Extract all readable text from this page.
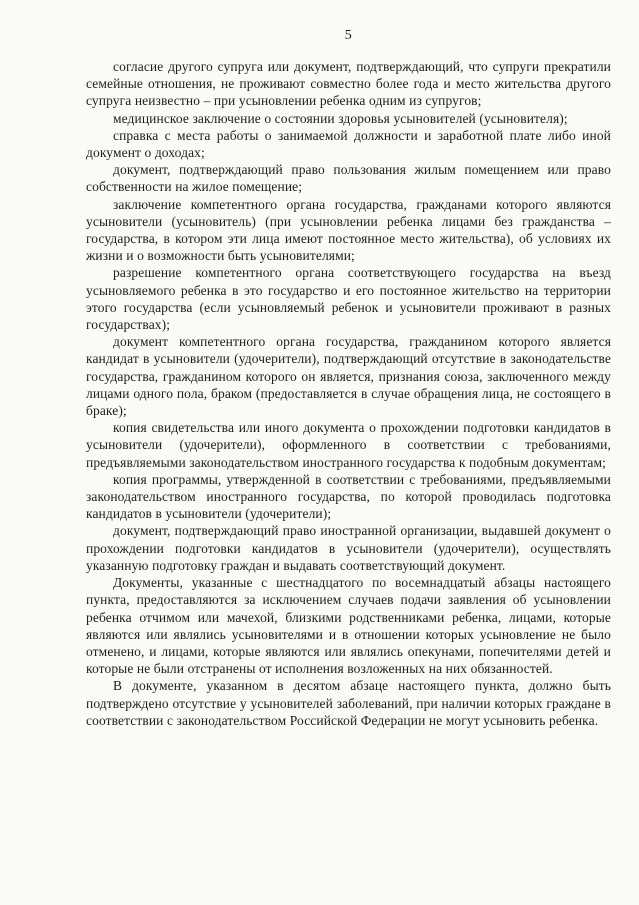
5

согласие другого супруга или документ, подтверждающий, что супруги прекратили семейные отношения, не проживают совместно более года и место жительства другого супруга неизвестно – при усыновлении ребенка одним из супругов;

медицинское заключение о состоянии здоровья усыновителей (усыновителя);

справка с места работы о занимаемой должности и заработной плате либо иной документ о доходах;

документ, подтверждающий право пользования жилым помещением или право собственности на жилое помещение;

заключение компетентного органа государства, гражданами которого являются усыновители (усыновитель) (при усыновлении ребенка лицами без гражданства – государства, в котором эти лица имеют постоянное место жительства), об условиях их жизни и о возможности быть усыновителями;

разрешение компетентного органа соответствующего государства на въезд усыновляемого ребенка в это государство и его постоянное жительство на территории этого государства (если усыновляемый ребенок и усыновители проживают в разных государствах);

документ компетентного органа государства, гражданином которого является кандидат в усыновители (удочерители), подтверждающий отсутствие в законодательстве государства, гражданином которого он является, признания союза, заключенного между лицами одного пола, браком (предоставляется в случае обращения лица, не состоящего в браке);

копия свидетельства или иного документа о прохождении подготовки кандидатов в усыновители (удочерители), оформленного в соответствии с требованиями, предъявляемыми законодательством иностранного государства к подобным документам;

копия программы, утвержденной в соответствии с требованиями, предъявляемыми законодательством иностранного государства, по которой проводилась подготовка кандидатов в усыновители (удочерители);

документ, подтверждающий право иностранной организации, выдавшей документ о прохождении подготовки кандидатов в усыновители (удочерители), осуществлять указанную подготовку граждан и выдавать соответствующий документ.

Документы, указанные с шестнадцатого по восемнадцатый абзацы настоящего пункта, предоставляются за исключением случаев подачи заявления об усыновлении ребенка отчимом или мачехой, близкими родственниками ребенка, лицами, которые являются или являлись усыновителями и в отношении которых усыновление не было отменено, и лицами, которые являются или являлись опекунами, попечителями детей и которые не были отстранены от исполнения возложенных на них обязанностей.

В документе, указанном в десятом абзаце настоящего пункта, должно быть подтверждено отсутствие у усыновителей заболеваний, при наличии которых граждане в соответствии с законодательством Российской Федерации не могут усыновить ребенка.
